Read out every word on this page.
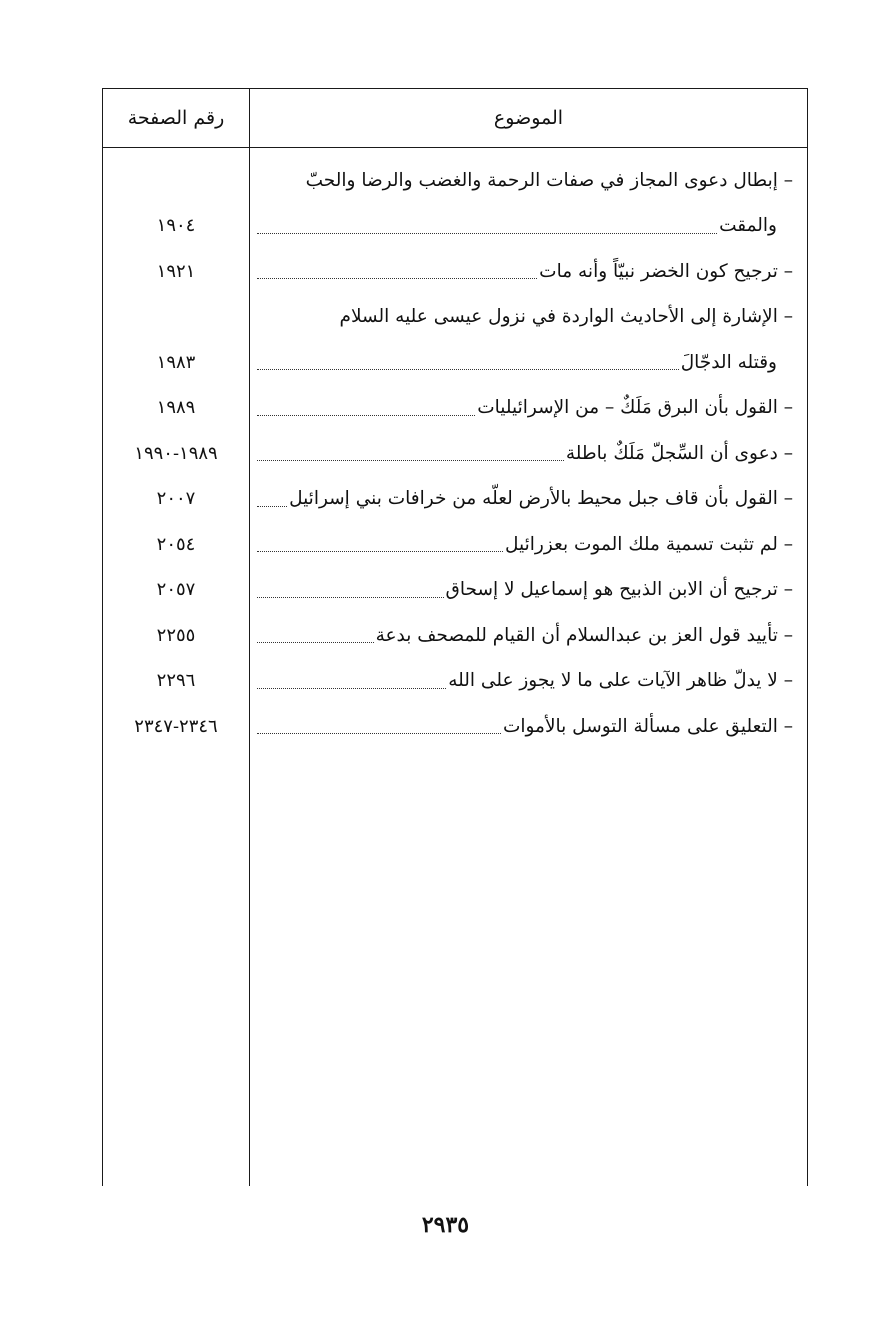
الموضوع
رقم الصفحة
– إبطال دعوى المجاز في صفات الرحمة والغضب والرضا والحبّ
والمقت
١٩٠٤
– ترجيح كون الخضر نبيّاً وأنه مات
١٩٢١
– الإشارة إلى الأحاديث الواردة في نزول عيسى عليه السلام
وقتله الدجّالَ
١٩٨٣
– القول بأن البرق مَلَكٌ – من الإسرائيليات
١٩٨٩
– دعوى أن السِّجلّ مَلَكٌ باطلة
١٩٨٩-١٩٩٠
– القول بأن قاف جبل محيط بالأرض لعلّه من خرافات بني إسرائيل
٢٠٠٧
– لم تثبت تسمية ملك الموت بعزرائيل
٢٠٥٤
– ترجيح أن الابن الذبيح هو إسماعيل لا إسحاق
٢٠٥٧
– تأييد قول العز بن عبدالسلام أن القيام للمصحف بدعة
٢٢٥٥
– لا يدلّ ظاهر الآيات على ما لا يجوز على الله
٢٢٩٦
– التعليق على مسألة التوسل بالأموات
٢٣٤٦-٢٣٤٧
٢٩٣٥
